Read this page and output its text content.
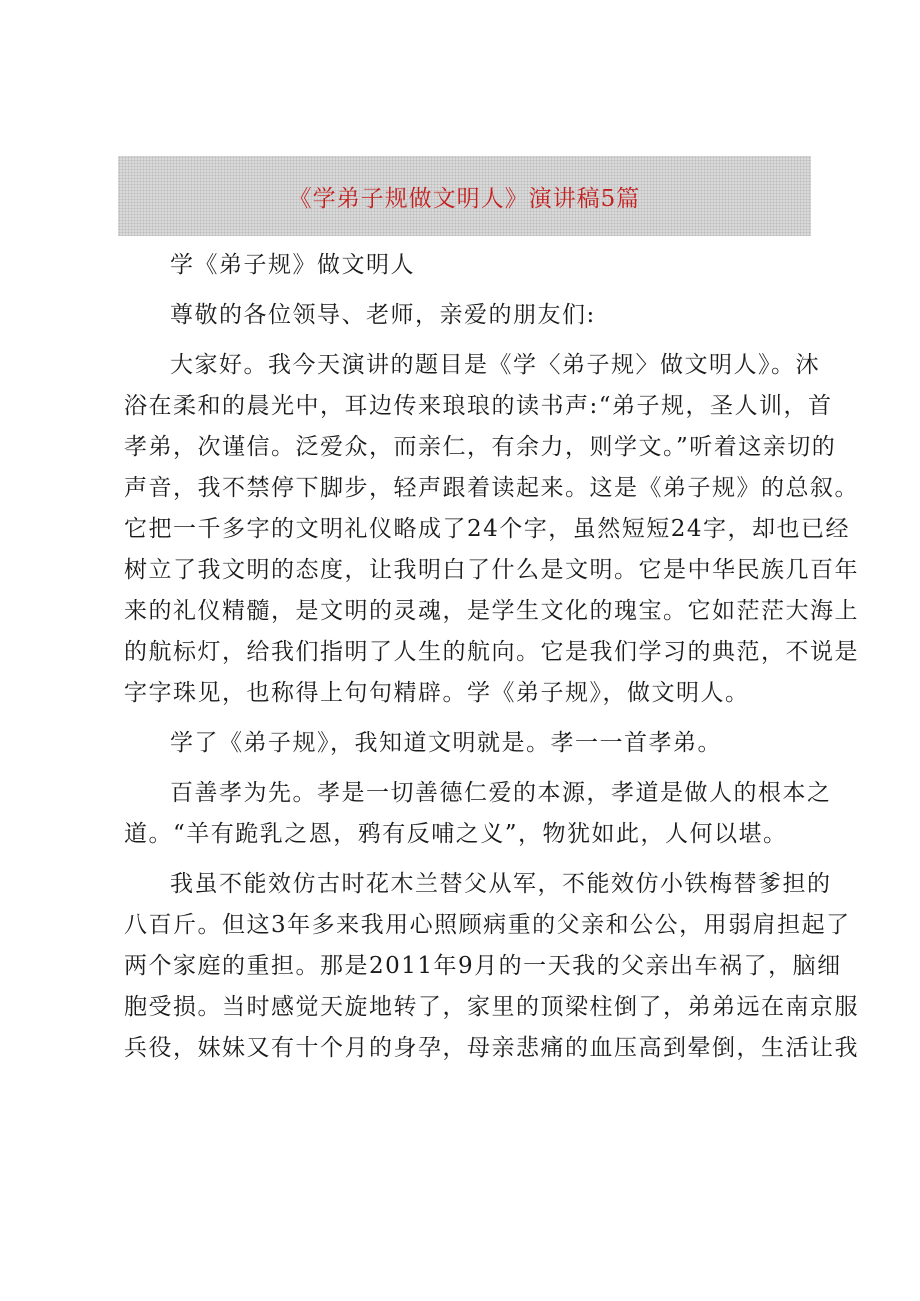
《学弟子规做文明人》演讲稿5篇
学《弟子规》做文明人
尊敬的各位领导、老师，亲爱的朋友们:
大家好。我今天演讲的题目是《学〈弟子规〉做文明人》。沐
浴在柔和的晨光中，耳边传来琅琅的读书声:“弟子规，圣人训，首
孝弟，次谨信。泛爱众，而亲仁，有余力，则学文。”听着这亲切的
声音，我不禁停下脚步，轻声跟着读起来。这是《弟子规》的总叙。
它把一千多字的文明礼仪略成了24个字，虽然短短24字，却也已经
树立了我文明的态度，让我明白了什么是文明。它是中华民族几百年
来的礼仪精髓，是文明的灵魂，是学生文化的瑰宝。它如茫茫大海上
的航标灯，给我们指明了人生的航向。它是我们学习的典范，不说是
字字珠见，也称得上句句精辟。学《弟子规》，做文明人。
学了《弟子规》，我知道文明就是。孝一一首孝弟。
百善孝为先。孝是一切善德仁爱的本源，孝道是做人的根本之
道。“羊有跪乳之恩，鸦有反哺之义”，物犹如此，人何以堪。
我虽不能效仿古时花木兰替父从军，不能效仿小铁梅替爹担的
八百斤。但这3年多来我用心照顾病重的父亲和公公，用弱肩担起了
两个家庭的重担。那是2011年9月的一天我的父亲出车祸了，脑细
胞受损。当时感觉天旋地转了，家里的顶梁柱倒了，弟弟远在南京服
兵役，妹妹又有十个月的身孕，母亲悲痛的血压高到晕倒，生活让我
